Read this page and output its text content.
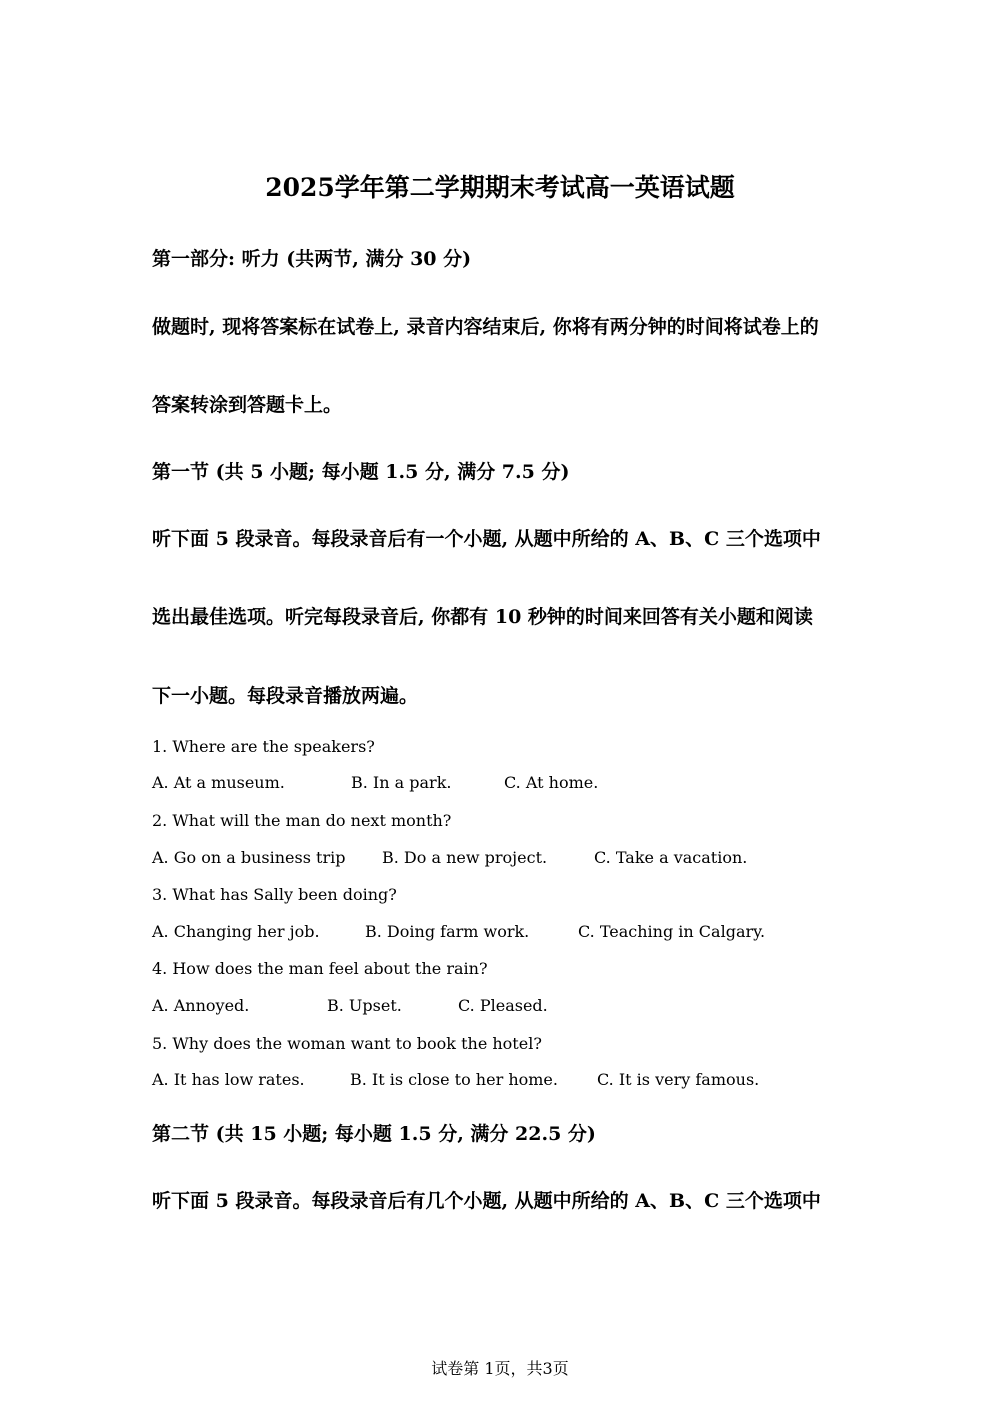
2025学年第二学期期末考试高一英语试题
第一部分: 听力 (共两节, 满分 30 分)
做题时, 现将答案标在试卷上, 录音内容结束后, 你将有两分钟的时间将试卷上的
答案转涂到答题卡上。
第一节 (共 5 小题; 每小题 1.5 分, 满分 7.5 分)
听下面 5 段录音。每段录音后有一个小题, 从题中所给的 A、B、C 三个选项中
选出最佳选项。听完每段录音后, 你都有 10 秒钟的时间来回答有关小题和阅读
下一小题。每段录音播放两遍。
1. Where are the speakers?
A. At a museum.	B. In a park.	C. At home.
2. What will the man do next month?
A. Go on a business trip B. Do a new project.	C. Take a vacation.
3. What has Sally been doing?
A. Changing her job.	B. Doing farm work.	C. Teaching in Calgary.
4. How does the man feel about the rain?
A. Annoyed.	B. Upset.	C. Pleased.
5. Why does the woman want to book the hotel?
A. It has low rates.	B. It is close to her home. C. It is very famous.
第二节 (共 15 小题; 每小题 1.5 分, 满分 22.5 分)
听下面 5 段录音。每段录音后有几个小题, 从题中所给的 A、B、C 三个选项中
试卷第 1页，共3页
